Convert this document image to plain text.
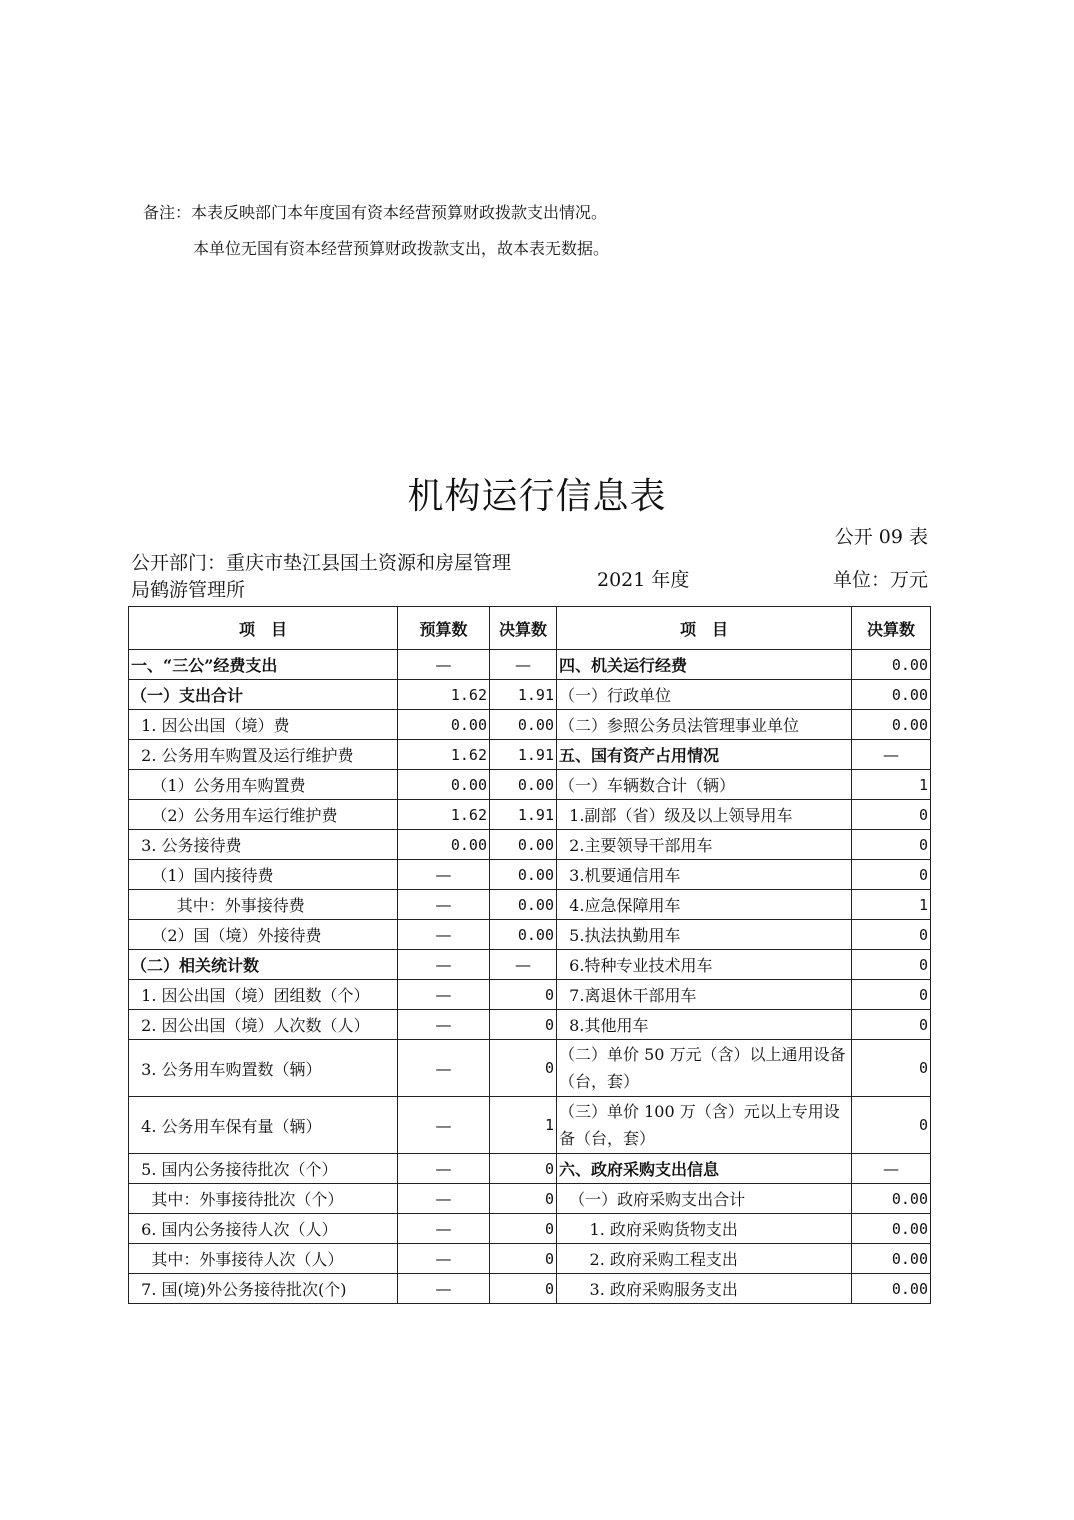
备注：本表反映部门本年度国有资本经营预算财政拨款支出情况。
本单位无国有资本经营预算财政拨款支出，故本表无数据。
机构运行信息表
公开 09 表
公开部门：重庆市垫江县国土资源和房屋管理局鹤游管理所	2021 年度	单位：万元
项　目	预算数	决算数	项　目	决算数
一、“三公”经费支出	—	—	四、机关运行经费	0.00
（一）支出合计	1.62	1.91	（一）行政单位	0.00
1. 因公出国（境）费	0.00	0.00	（二）参照公务员法管理事业单位	0.00
2. 公务用车购置及运行维护费	1.62	1.91	五、国有资产占用情况	—
（1）公务用车购置费	0.00	0.00	（一）车辆数合计（辆）	1
（2）公务用车运行维护费	1.62	1.91	1.副部（省）级及以上领导用车	0
3. 公务接待费	0.00	0.00	2.主要领导干部用车	0
（1）国内接待费	—	0.00	3.机要通信用车	0
其中：外事接待费	—	0.00	4.应急保障用车	1
（2）国（境）外接待费	—	0.00	5.执法执勤用车	0
（二）相关统计数	—	—	6.特种专业技术用车	0
1. 因公出国（境）团组数（个）	—	0	7.离退休干部用车	0
2. 因公出国（境）人次数（人）	—	0	8.其他用车	0
3. 公务用车购置数（辆）	—	0	（二）单价 50 万元（含）以上通用设备（台，套）	0
4. 公务用车保有量（辆）	—	1	（三）单价 100 万（含）元以上专用设备（台，套）	0
5. 国内公务接待批次（个）	—	0	六、政府采购支出信息	—
其中：外事接待批次（个）	—	0	（一）政府采购支出合计	0.00
6. 国内公务接待人次（人）	—	0	1. 政府采购货物支出	0.00
其中：外事接待人次（人）	—	0	2. 政府采购工程支出	0.00
7. 国(境)外公务接待批次(个)	—	0	3. 政府采购服务支出	0.00
